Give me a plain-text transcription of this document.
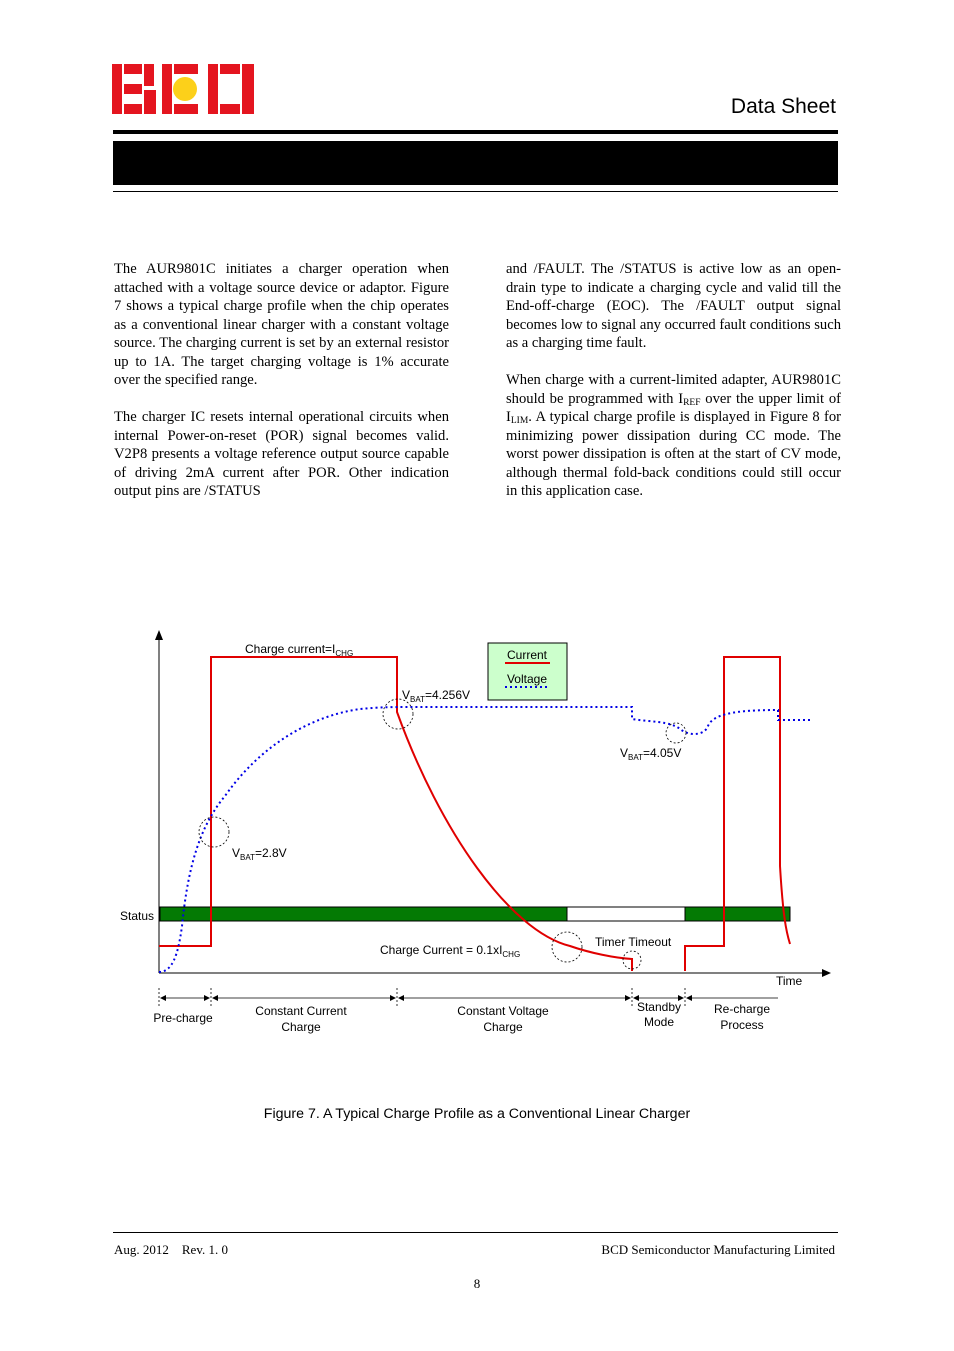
Data Sheet

The AUR9801C initiates a charger operation when attached with a voltage source device or adaptor. Figure 7 shows a typical charge profile when the chip operates as a conventional linear charger with a constant voltage source. The charging current is set by an external resistor up to 1A. The target charging voltage is 1% accurate over the specified range.

The charger IC resets internal operational circuits when internal Power-on-reset (POR) signal becomes valid. V2P8 presents a voltage reference output source capable of driving 2mA current after POR. Other indication output pins are /STATUS

and /FAULT. The /STATUS is active low as an open-drain type to indicate a charging cycle and valid till the End-off-charge (EOC). The /FAULT output signal becomes low to signal any occurred fault conditions such as a charging time fault.

When charge with a current-limited adapter, AUR9801C should be programmed with $I_{REF}$ over the upper limit of $I_{LIM}$. A typical charge profile is displayed in Figure 8 for minimizing power dissipation during CC mode. The worst power dissipation is often at the start of CV mode, although thermal fold-back conditions could still occur in this application case.

Current
Voltage
Charge $current=I_{CHG}$
$V_{BAT}=4.256V$
$V_{BAT}=2.8V$
$V_{BAT}=4.05V$
Status
Charge Current = $0.1xI_{CHG}$
Timer Timeout
Time
Pre-charge	Constant Current
Charge
Constant Voltage
Charge
Standby
Mode
Re-charge
Process
Figure 7. A Typical Charge Profile as a Conventional Linear Charger
Aug. 2012    Rev. 1. 0	BCD Semiconductor Manufacturing Limited
8
